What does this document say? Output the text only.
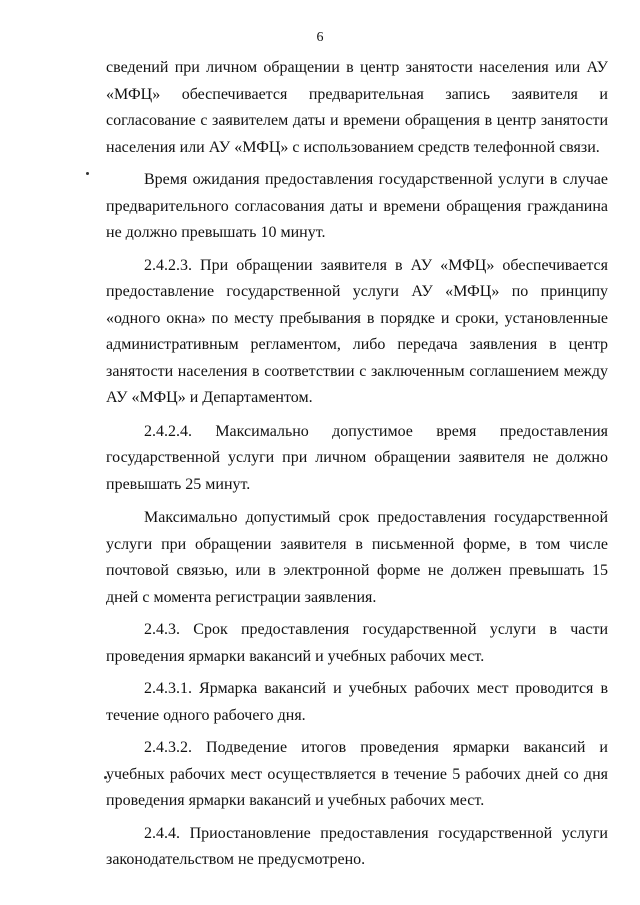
6

сведений при личном обращении в центр занятости населения или АУ «МФЦ» обеспечивается предварительная запись заявителя и согласование с заявителем даты и времени обращения в центр занятости населения или АУ «МФЦ» с использованием средств телефонной связи.

Время ожидания предоставления государственной услуги в случае предварительного согласования даты и времени обращения гражданина не должно превышать 10 минут.

2.4.2.3. При обращении заявителя в АУ «МФЦ» обеспечивается предоставление государственной услуги АУ «МФЦ» по принципу «одного окна» по месту пребывания в порядке и сроки, установленные административным регламентом, либо передача заявления в центр занятости населения в соответствии с заключенным соглашением между АУ «МФЦ» и Департаментом.

2.4.2.4. Максимально допустимое время предоставления государственной услуги при личном обращении заявителя не должно превышать 25 минут.

Максимально допустимый срок предоставления государственной услуги при обращении заявителя в письменной форме, в том числе почтовой связью, или в электронной форме не должен превышать 15 дней с момента регистрации заявления.

2.4.3. Срок предоставления государственной услуги в части проведения ярмарки вакансий и учебных рабочих мест.

2.4.3.1. Ярмарка вакансий и учебных рабочих мест проводится в течение одного рабочего дня.

2.4.3.2. Подведение итогов проведения ярмарки вакансий и учебных рабочих мест осуществляется в течение 5 рабочих дней со дня проведения ярмарки вакансий и учебных рабочих мест.

2.4.4. Приостановление предоставления государственной услуги законодательством не предусмотрено.
